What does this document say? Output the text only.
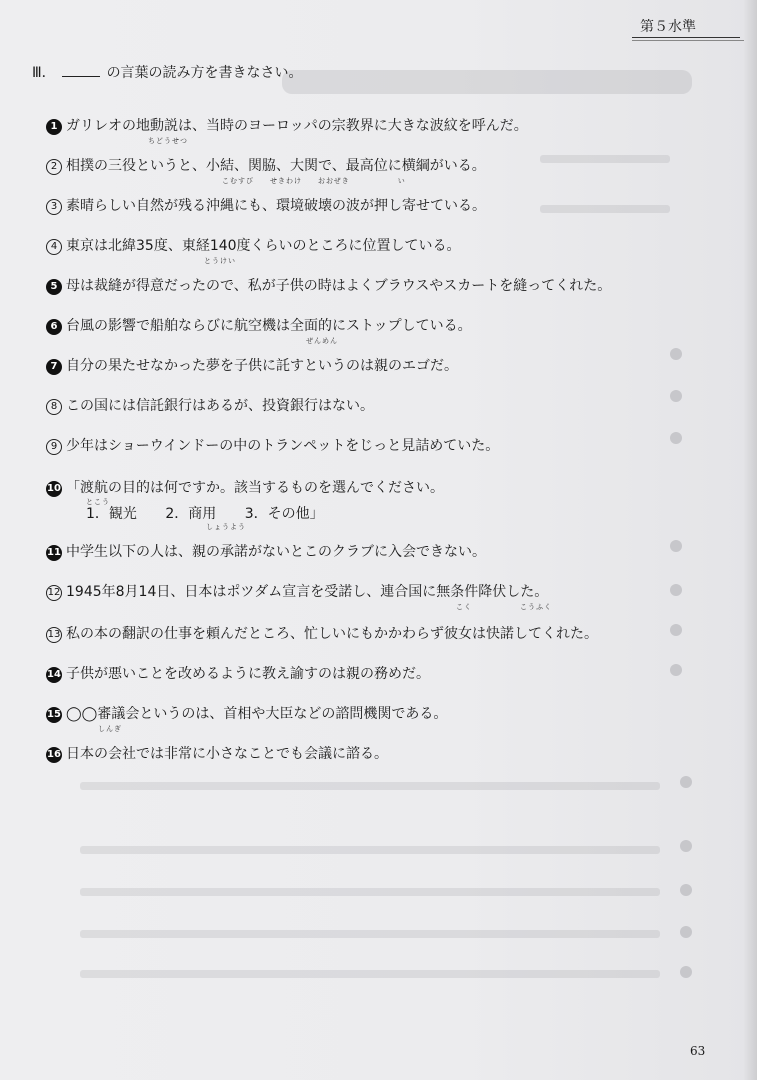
第５水準
Ⅲ．	の言葉の読み方を書きなさい。
1 ガリレオの地動説は、当時のヨーロッパの宗教界に大きな波紋を呼んだ。
ちどうせつ
2 相撲の三役というと、小結、関脇、大関で、最高位に横綱がいる。
こむすび　　せきわけ　　おおぜき　　　　　　い
3 素晴らしい自然が残る沖縄にも、環境破壊の波が押し寄せている。
4 東京は北緯35度、東経140度くらいのところに位置している。
とうけい
5 母は裁縫が得意だったので、私が子供の時はよくブラウスやスカートを縫ってくれた。
6 台風の影響で船舶ならびに航空機は全面的にストップしている。
ぜんめん
7 自分の果たせなかった夢を子供に託すというのは親のエゴだ。
8 この国には信託銀行はあるが、投資銀行はない。
9 少年はショーウインドーの中のトランペットをじっと見詰めていた。
10 「渡航の目的は何ですか。該当するものを選んでください。
とこう
1．観光 2．商用 3．その他」
しょうよう
11 中学生以下の人は、親の承諾がないとこのクラブに入会できない。
12 1945年8月14日、日本はポツダム宣言を受諾し、連合国に無条件降伏した。
こく　　　　　　こうふく
13 私の本の翻訳の仕事を頼んだところ、忙しいにもかかわらず彼女は快諾してくれた。
14 子供が悪いことを改めるように教え諭すのは親の務めだ。
15 ◯◯審議会というのは、首相や大臣などの諮問機関である。
しんぎ
16 日本の会社では非常に小さなことでも会議に諮る。
63
